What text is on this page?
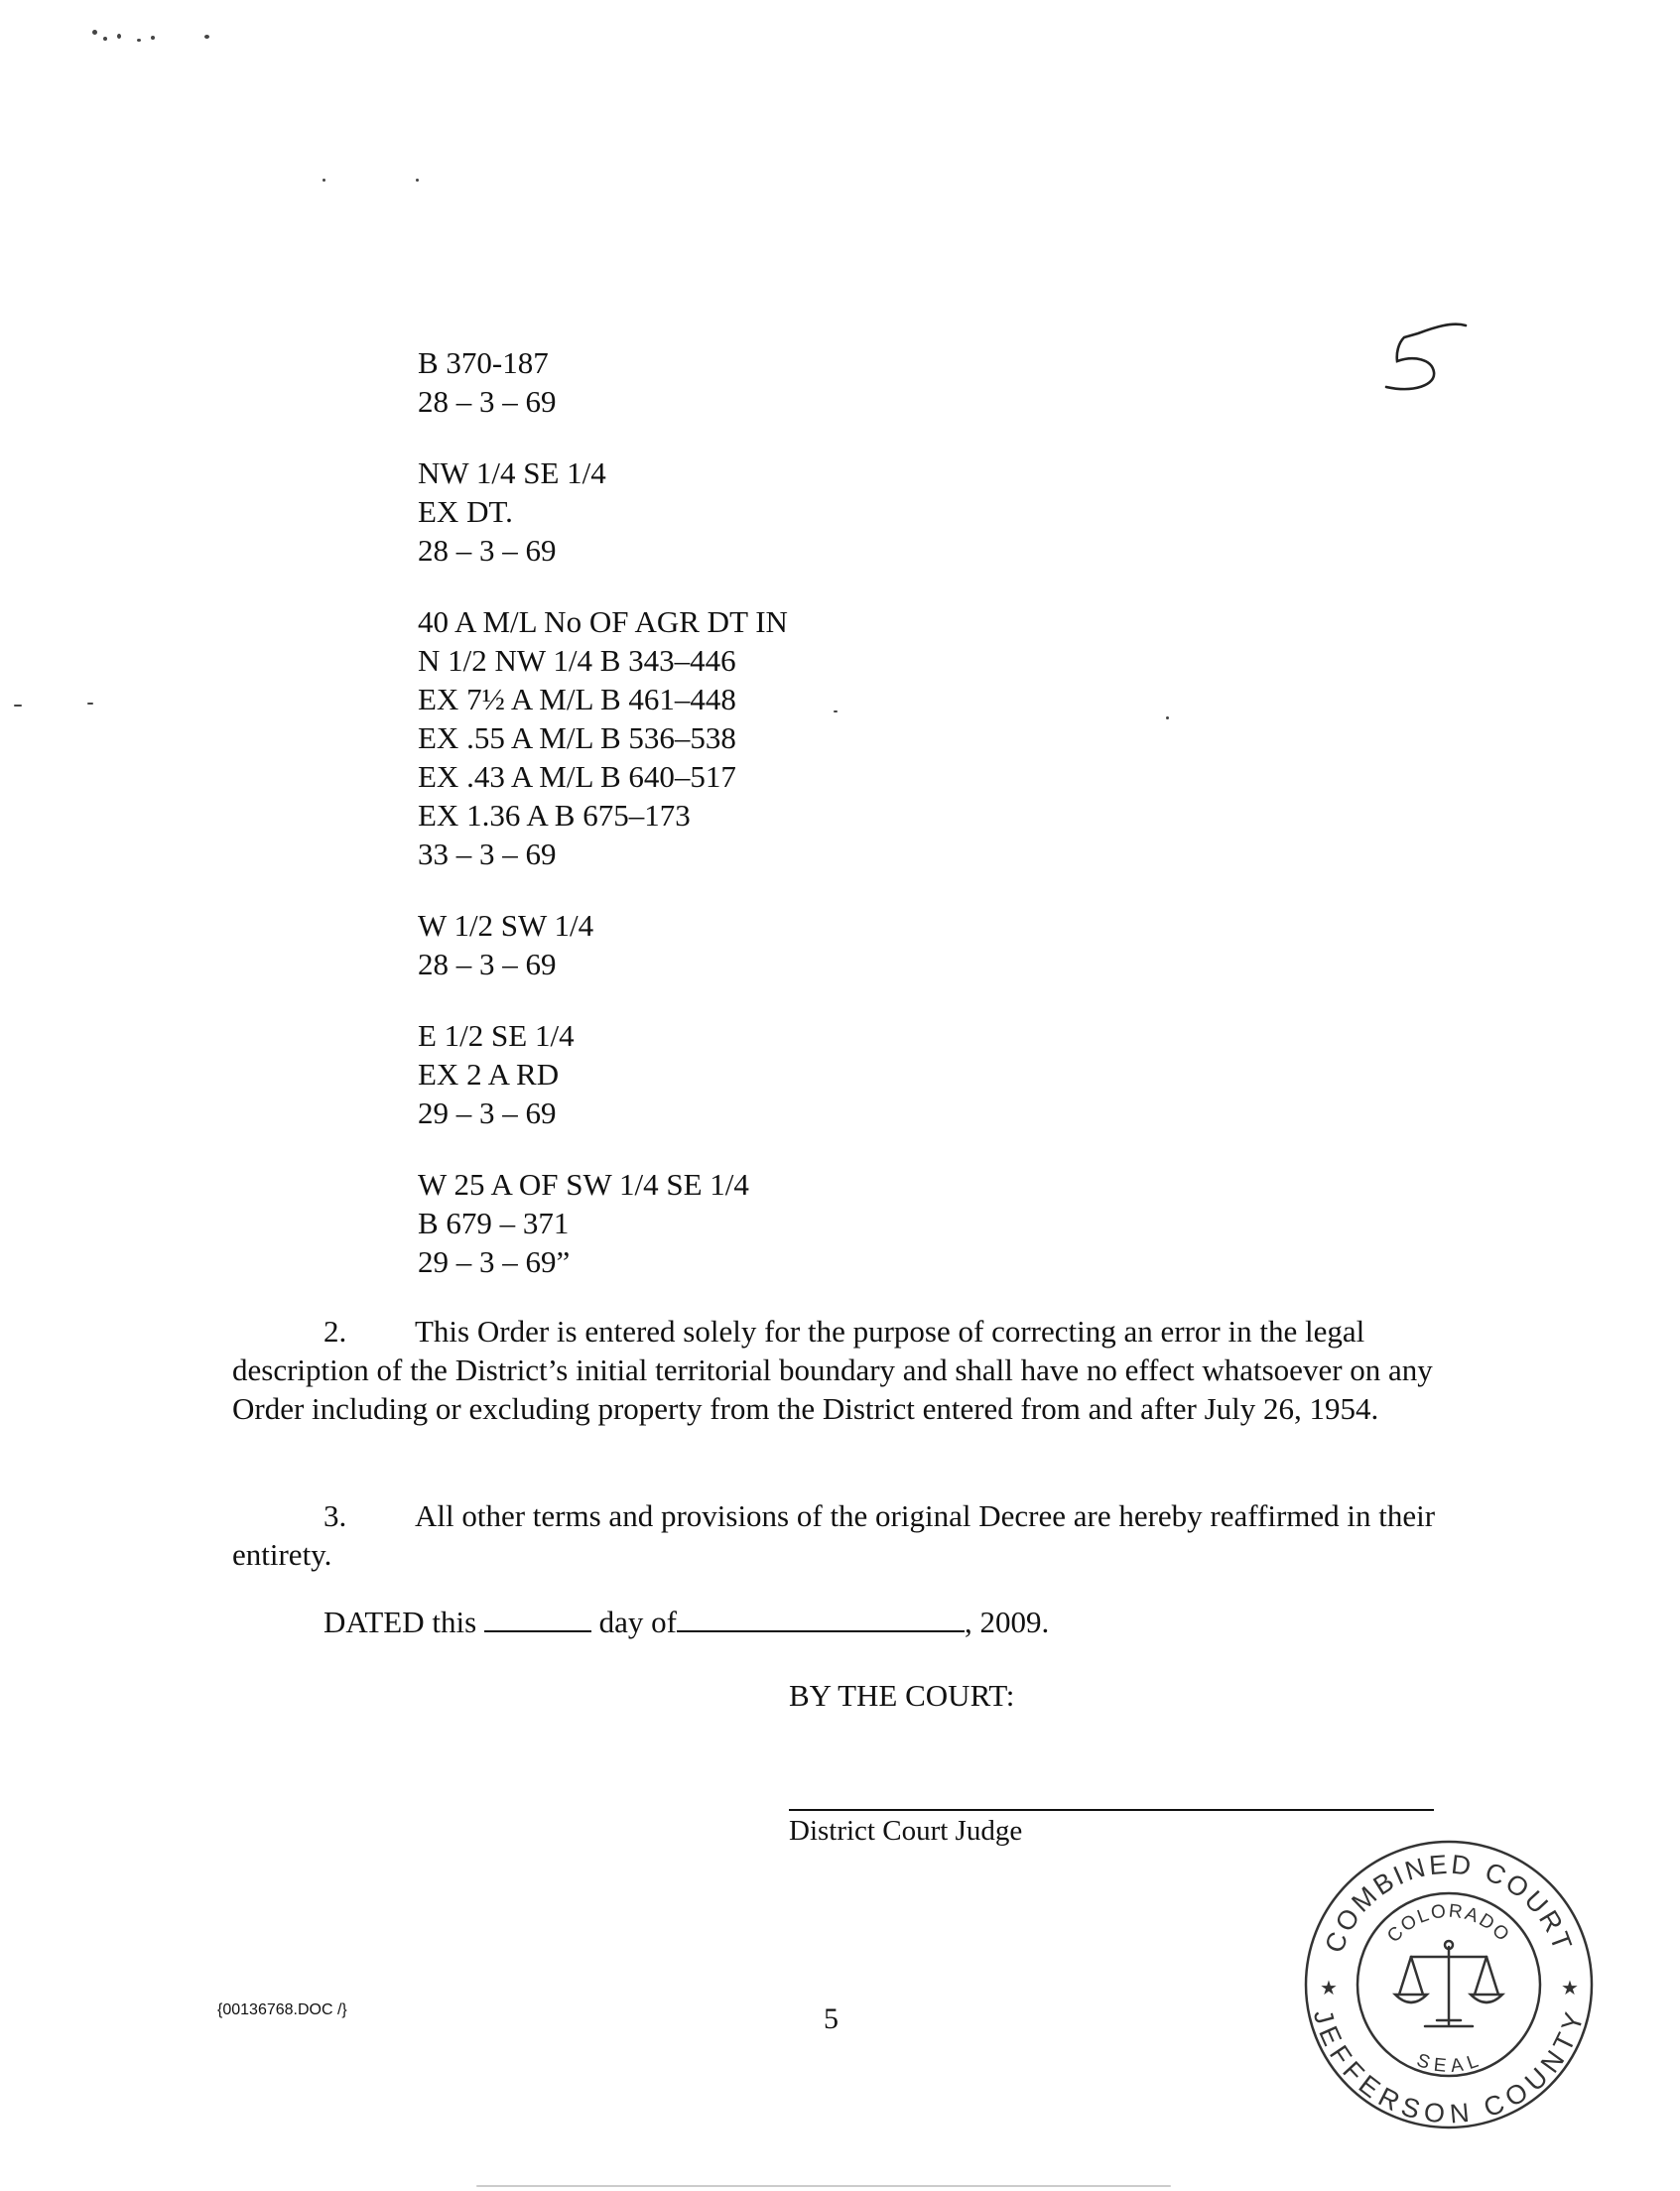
B 370-187
28 – 3 – 69
NW 1/4 SE 1/4
EX DT.
28 – 3 – 69
40 A M/L No OF AGR DT IN
N 1/2 NW 1/4 B 343–446
EX 7½ A M/L B 461–448
EX .55 A M/L B 536–538
EX .43 A M/L B 640–517
EX 1.36 A B 675–173
33 – 3 – 69
W 1/2 SW 1/4
28 – 3 – 69
E 1/2 SE 1/4
EX 2 A RD
29 – 3 – 69
W 25 A OF SW 1/4 SE 1/4
B 679 – 371
29 – 3 – 69”
2. This Order is entered solely for the purpose of correcting an error in the legal description of the District’s initial territorial boundary and shall have no effect whatsoever on any Order including or excluding property from the District entered from and after July 26, 1954.
3. All other terms and provisions of the original Decree are hereby reaffirmed in their entirety.
DATED this	day of	, 2009.
BY THE COURT:
District Court Judge
{00136768.DOC /}	5
COMBINED COURT
JEFFERSON COUNTY
COLORADO
SEAL
★	★
